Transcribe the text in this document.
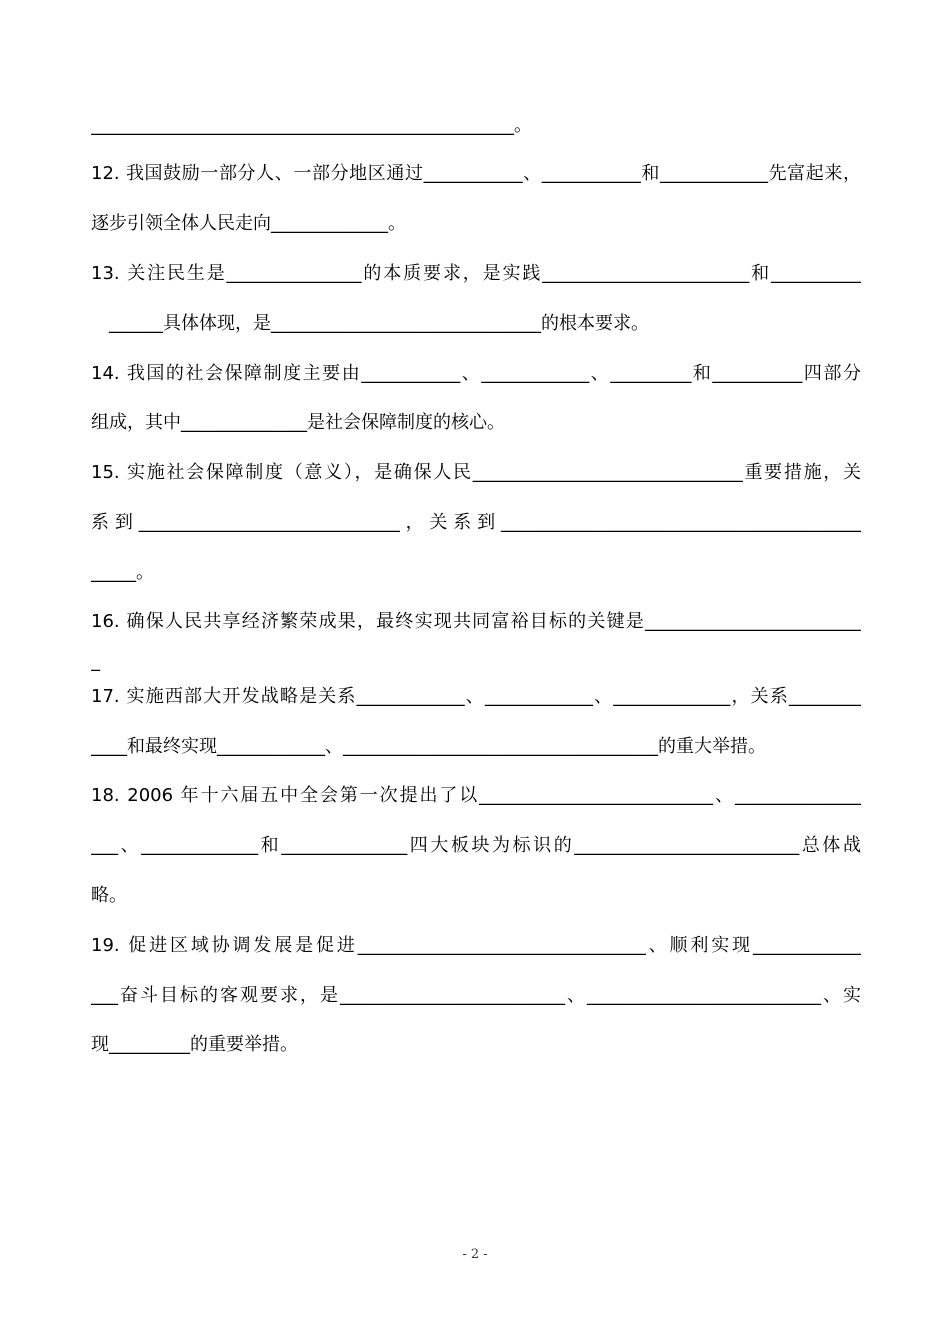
_______________________________________________。
12. 我国鼓励一部分人、一部分地区通过___________、___________和____________先富起来，
逐步引领全体人民走向_____________。
13. 关注民生是_______________的本质要求，是实践_______________________和__________
　______具体体现，是______________________________的根本要求。
14. 我国的社会保障制度主要由___________、____________、_________和__________四部分
组成，其中______________是社会保障制度的核心。
15. 实施社会保障制度（意义），是确保人民______________________________重要措施，关
系到_____________________________，关系到________________________________________
_____。
16. 确保人民共享经济繁荣成果，最终实现共同富裕目标的关键是________________________
_
17. 实施西部大开发战略是关系____________、____________、_____________，关系________
____和最终实现____________、___________________________________的重大举措。
18. 2006 年十六届五中全会第一次提出了以__________________________、______________
___、_____________和______________四大板块为标识的_________________________总体战
略。
19. 促进区域协调发展是促进________________________________、顺利实现____________
___奋斗目标的客观要求，是_________________________、__________________________、实
现_________的重要举措。
- 2 -
